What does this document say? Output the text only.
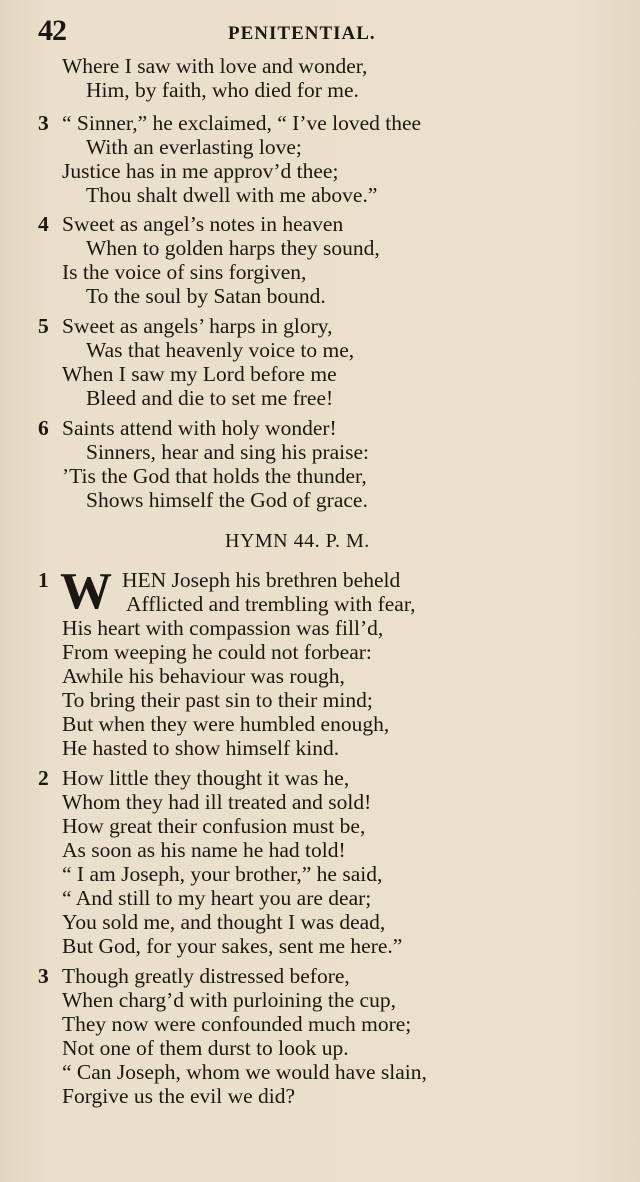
42	PENITENTIAL.
Where I saw with love and wonder,
Him, by faith, who died for me.
3 “ Sinner,” he exclaimed, “ I’ve loved thee
With an everlasting love;
Justice has in me approv’d thee;
Thou shalt dwell with me above.”
4 Sweet as angel’s notes in heaven
When to golden harps they sound,
Is the voice of sins forgiven,
To the soul by Satan bound.
5 Sweet as angels’ harps in glory,
Was that heavenly voice to me,
When I saw my Lord before me
Bleed and die to set me free!
6 Saints attend with holy wonder!
Sinners, hear and sing his praise:
’Tis the God that holds the thunder,
Shows himself the God of grace.
HYMN 44. P. M.
1 W HEN Joseph his brethren beheld
Afflicted and trembling with fear,
His heart with compassion was fill’d,
From weeping he could not forbear:
Awhile his behaviour was rough,
To bring their past sin to their mind;
But when they were humbled enough,
He hasted to show himself kind.
2 How little they thought it was he,
Whom they had ill treated and sold!
How great their confusion must be,
As soon as his name he had told!
“ I am Joseph, your brother,” he said,
“ And still to my heart you are dear;
You sold me, and thought I was dead,
But God, for your sakes, sent me here.”
3 Though greatly distressed before,
When charg’d with purloining the cup,
They now were confounded much more;
Not one of them durst to look up.
“ Can Joseph, whom we would have slain,
Forgive us the evil we did?
